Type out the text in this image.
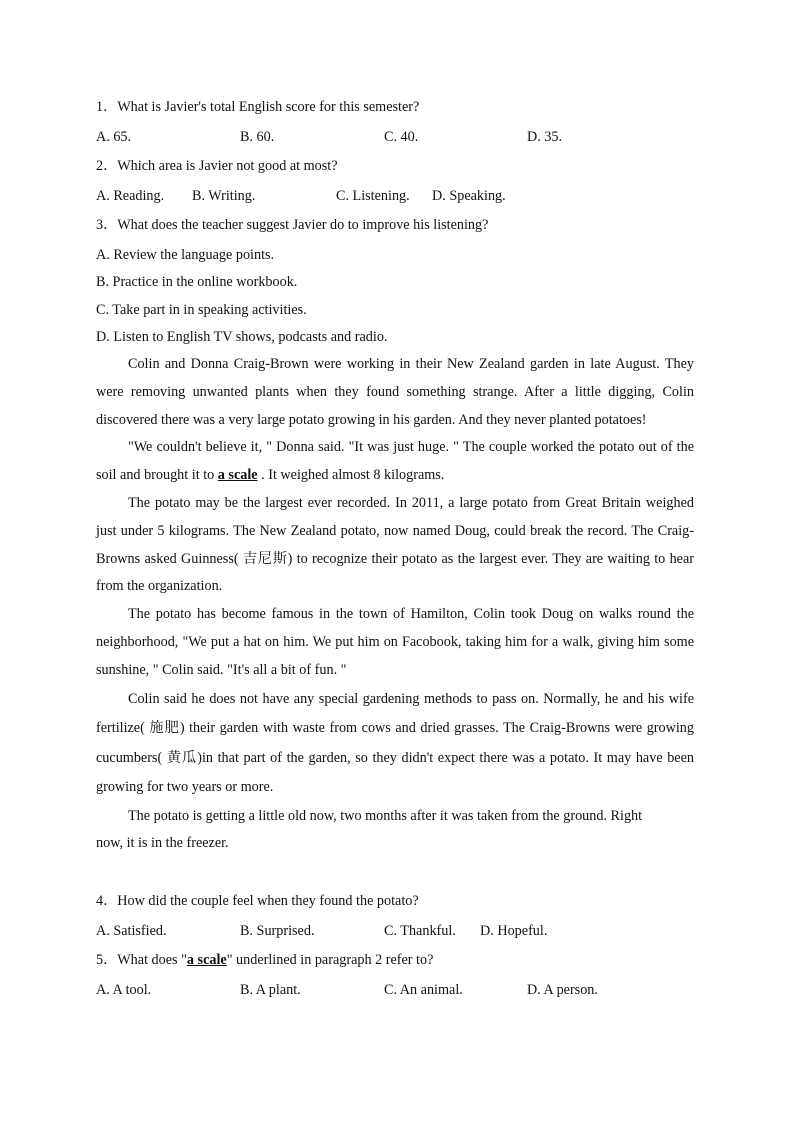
1．What is Javier's total English score for this semester?
A. 65.	B. 60.	C. 40.	D. 35.
2．Which area is Javier not good at most?
A. Reading. B. Writing.	C. Listening. D. Speaking.
3．What does the teacher suggest Javier do to improve his listening?
A. Review the language points.
B. Practice in the online workbook.
C. Take part in in speaking activities.
D. Listen to English TV shows, podcasts and radio.

Colin and Donna Craig-Brown were working in their New Zealand garden in late August. They were removing unwanted plants when they found something strange. After a little digging, Colin discovered there was a very large potato growing in his garden. And they never planted potatoes!

"We couldn't believe it, " Donna said. "It was just huge. " The couple worked the potato out of the soil and brought it to a scale . It weighed almost 8 kilograms.

The potato may be the largest ever recorded. In 2011, a large potato from Great Britain weighed just under 5 kilograms. The New Zealand potato, now named Doug, could break the record. The Craig-Browns asked Guinness( 吉尼斯) to recognize their potato as the largest ever. They are waiting to hear from the organization.

The potato has become famous in the town of Hamilton, Colin took Doug on walks round the neighborhood, "We put a hat on him. We put him on Facobook, taking him for a walk, giving him some sunshine, " Colin said. "It's all a bit of fun. "

Colin said he does not have any special gardening methods to pass on. Normally, he and his wife fertilize( 施肥) their garden with waste from cows and dried grasses. The Craig-Browns were growing cucumbers( 黄瓜)in that part of the garden, so they didn't expect there was a potato. It may have been growing for two years or more.

The potato is getting a little old now, two months after it was taken from the ground. Right now, it is in the freezer.

4．How did the couple feel when they found the potato?
A. Satisfied.	B. Surprised.	C. Thankful. D. Hopeful.
5．What does "a scale" underlined in paragraph 2 refer to?
A. A tool.	B. A plant.	C. An animal.	D. A person.
